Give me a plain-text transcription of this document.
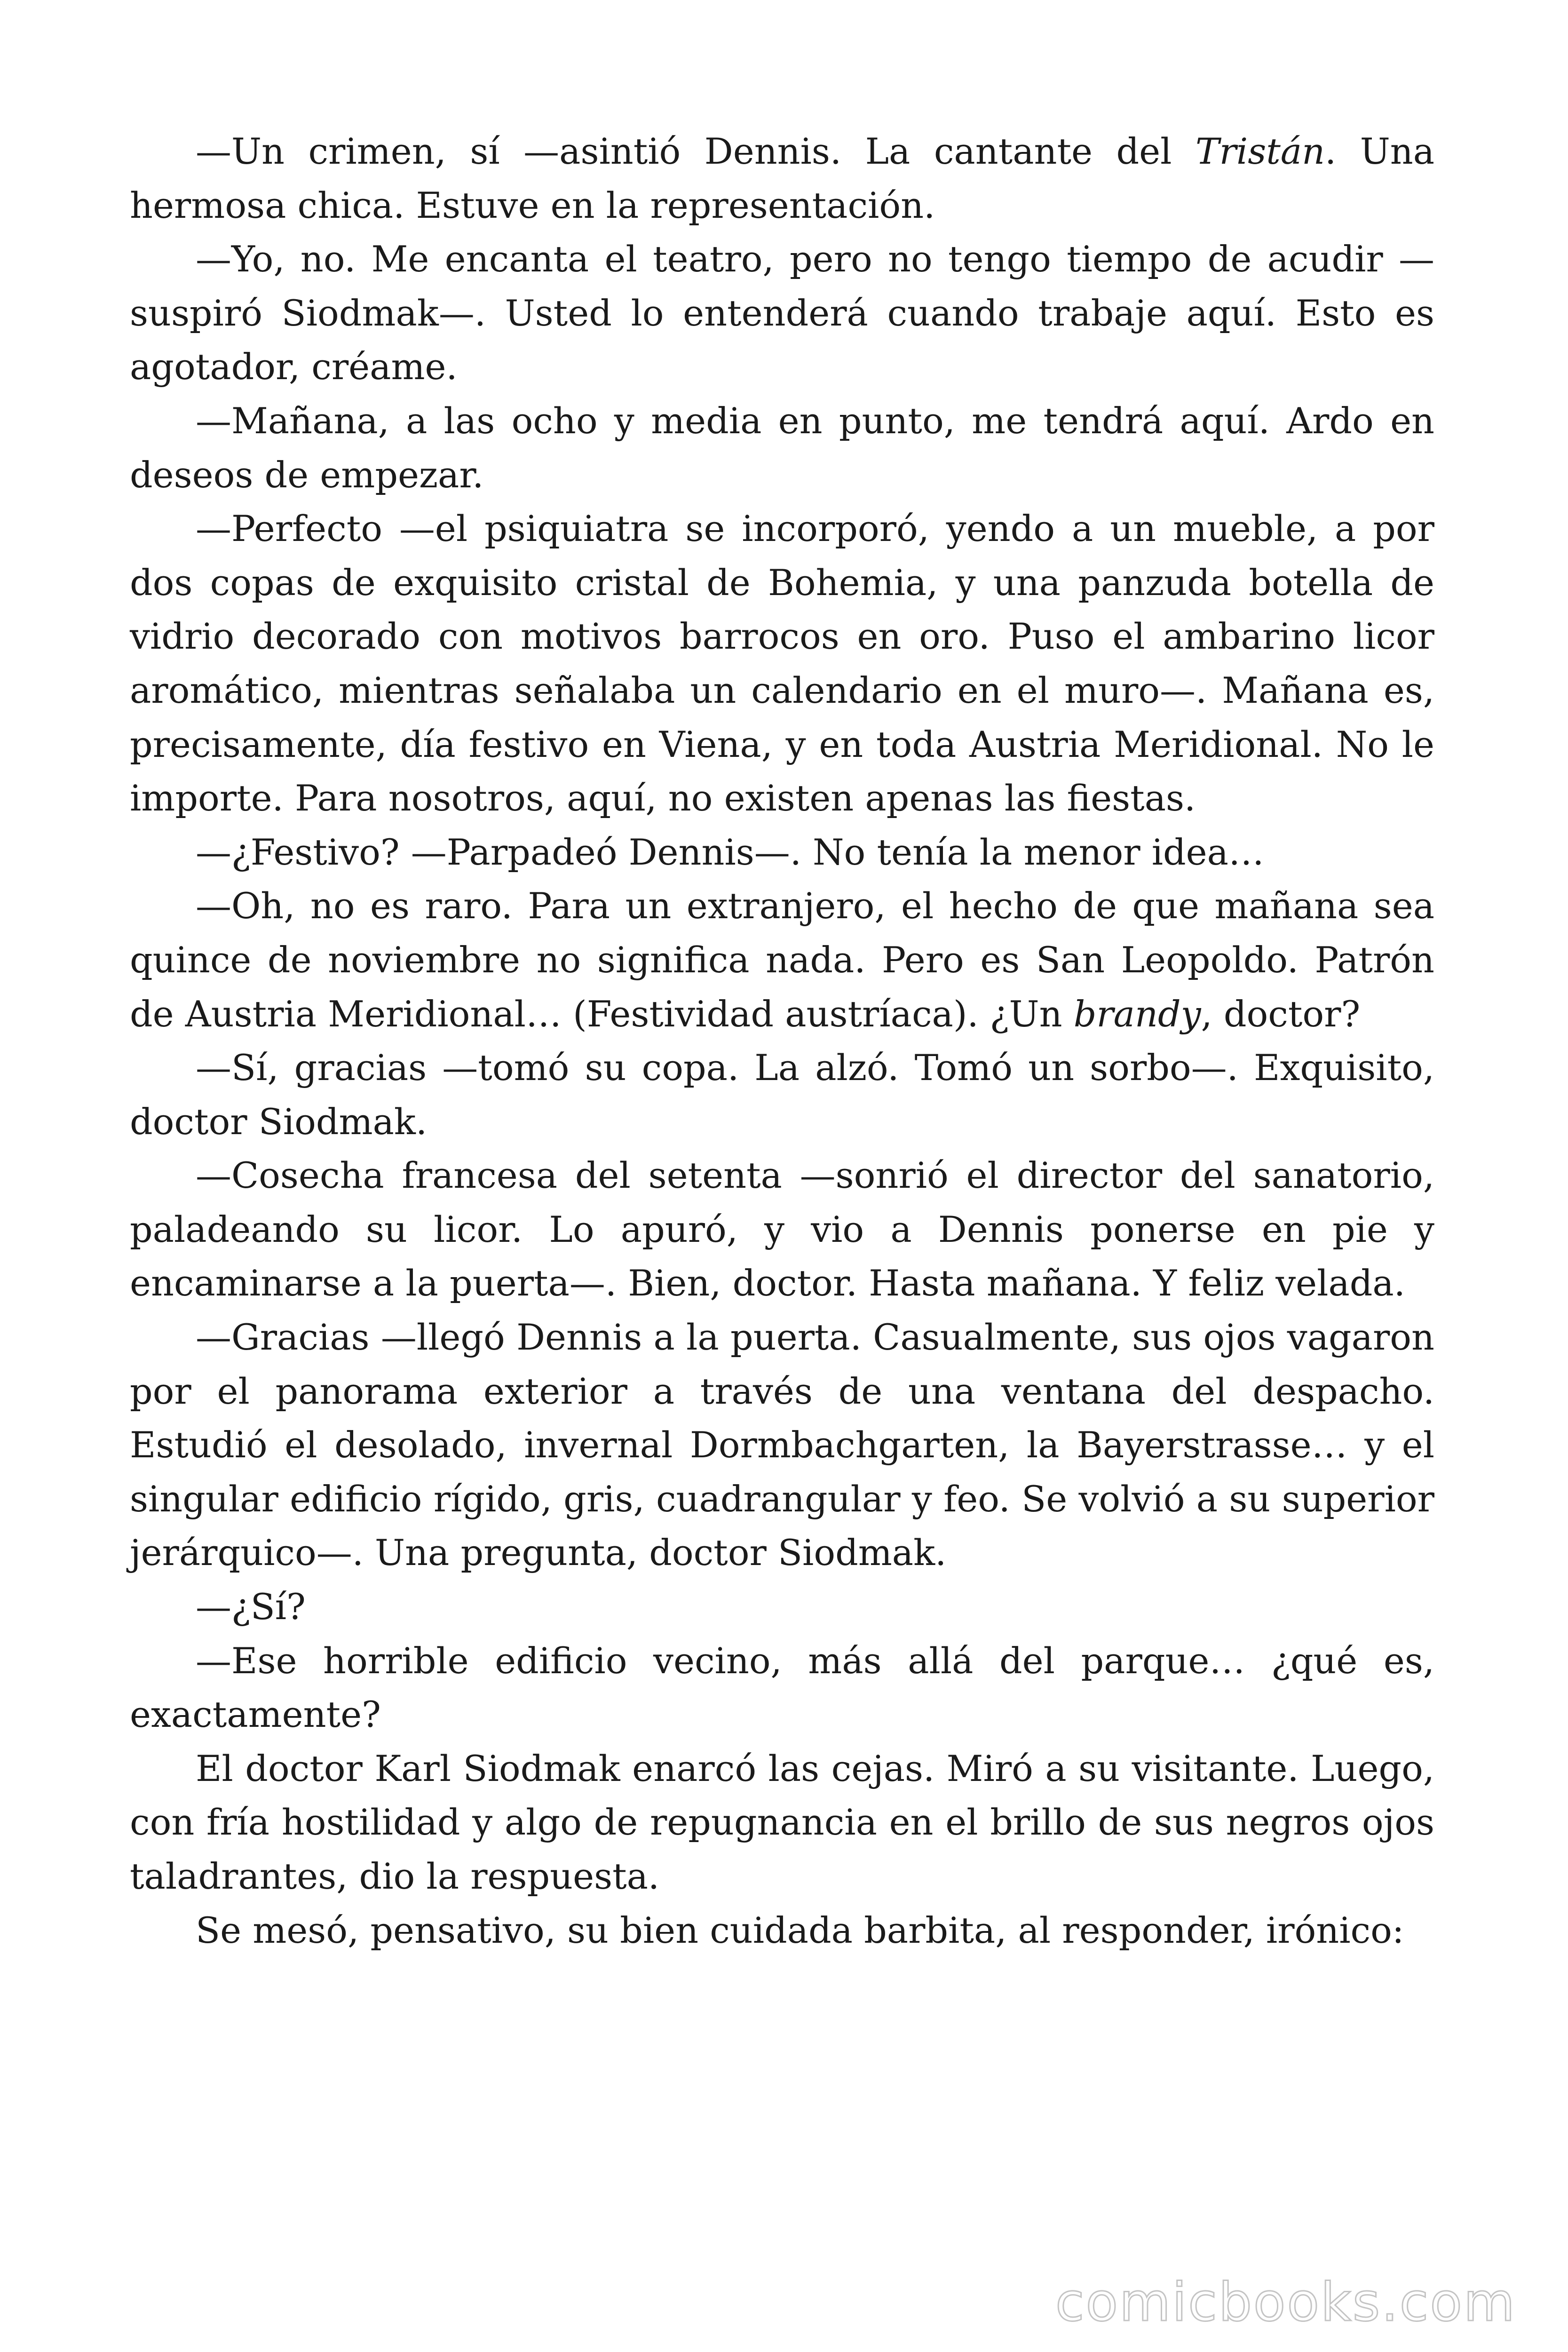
—Un crimen, sí —asintió Dennis. La cantante del Tristán. Una hermosa chica. Estuve en la representación.

—Yo, no. Me encanta el teatro, pero no tengo tiempo de acudir —suspiró Siodmak—. Usted lo entenderá cuando trabaje aquí. Esto es agotador, créame.

—Mañana, a las ocho y media en punto, me tendrá aquí. Ardo en deseos de empezar.

—Perfecto —el psiquiatra se incorporó, yendo a un mueble, a por dos copas de exquisito cristal de Bohemia, y una panzuda botella de vidrio decorado con motivos barrocos en oro. Puso el ambarino licor aromático, mientras señalaba un calendario en el muro—. Mañana es, precisamente, día festivo en Viena, y en toda Austria Meridional. No le importe. Para nosotros, aquí, no existen apenas las fiestas.

—¿Festivo? —Parpadeó Dennis—. No tenía la menor idea…

—Oh, no es raro. Para un extranjero, el hecho de que mañana sea quince de noviembre no significa nada. Pero es San Leopoldo. Patrón de Austria Meridional… (Festividad austríaca). ¿Un brandy, doctor?

—Sí, gracias —tomó su copa. La alzó. Tomó un sorbo—. Exquisito, doctor Siodmak.

—Cosecha francesa del setenta —sonrió el director del sanatorio, paladeando su licor. Lo apuró, y vio a Dennis ponerse en pie y encaminarse a la puerta—. Bien, doctor. Hasta mañana. Y feliz velada.

—Gracias —llegó Dennis a la puerta. Casualmente, sus ojos vagaron por el panorama exterior a través de una ventana del despacho. Estudió el desolado, invernal Dormbachgarten, la Bayerstrasse… y el singular edificio rígido, gris, cuadrangular y feo. Se volvió a su superior jerárquico—. Una pregunta, doctor Siodmak.

—¿Sí?

—Ese horrible edificio vecino, más allá del parque… ¿qué es, exactamente?

El doctor Karl Siodmak enarcó las cejas. Miró a su visitante. Luego, con fría hostilidad y algo de repugnancia en el brillo de sus negros ojos taladrantes, dio la respuesta.

Se mesó, pensativo, su bien cuidada barbita, al responder, irónico:

comicbooks.com
